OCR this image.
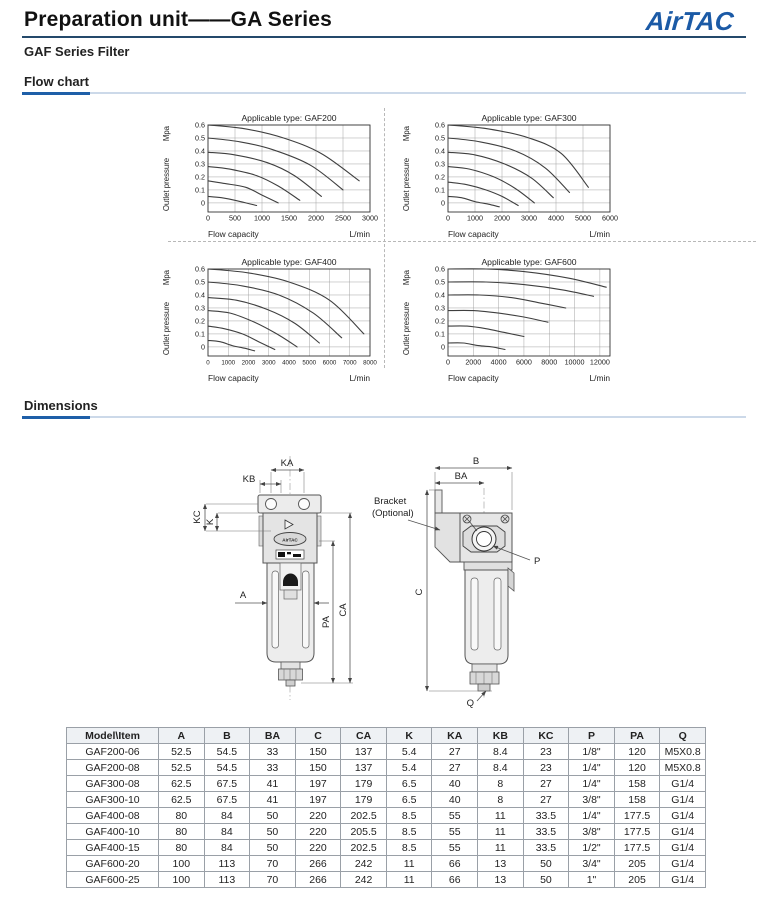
Preparation unit——GA Series	AirTAC
GAF Series Filter
Flow chart
Applicable type: GAF200
0
0.1
0.2
0.3
0.4
0.5
0.6
0	500 1000 1500 2000 2500 3000
Flow capacity	L/min
Outlet pressure
Mpa
Applicable type: GAF300
0
0.1
0.2
0.3
0.4
0.5
0.6
0 1000 2000 3000 4000 5000 6000
Flow capacity	L/min
Outlet pressure
Mpa
Applicable type: GAF400
0
0.1
0.2
0.3
0.4
0.5
0.6
0 1000 2000 3000 4000 5000 6000 7000 8000
Flow capacity	L/min
Outlet pressure
Mpa
Applicable type: GAF600
0
0.1
0.2
0.3
0.4
0.5
0.6
0 2000 4000 6000 8000 10000 12000
Flow capacity	L/min
Outlet pressure
Mpa
Dimensions
AirTAC
KA
KB
KC K
A
PA
CA
B
BA
C
Bracket
(Optional)
P
Q
Model\Item	A	B	BA	C	CA	K	KA	KB	KC	P	PA	Q
GAF200-06	52.5	54.5	33	150	137	5.4	27	8.4	23	1/8"	120	M5X0.8
GAF200-08	52.5	54.5	33	150	137	5.4	27	8.4	23	1/4"	120	M5X0.8
GAF300-08	62.5	67.5	41	197	179	6.5	40	8	27	1/4"	158	G1/4
GAF300-10	62.5	67.5	41	197	179	6.5	40	8	27	3/8"	158	G1/4
GAF400-08	80	84	50	220	202.5	8.5	55	11	33.5	1/4"	177.5	G1/4
GAF400-10	80	84	50	220	205.5	8.5	55	11	33.5	3/8"	177.5	G1/4
GAF400-15	80	84	50	220	202.5	8.5	55	11	33.5	1/2"	177.5	G1/4
GAF600-20	100	113	70	266	242	11	66	13	50	3/4"	205	G1/4
GAF600-25	100	113	70	266	242	11	66	13	50	1"	205	G1/4
